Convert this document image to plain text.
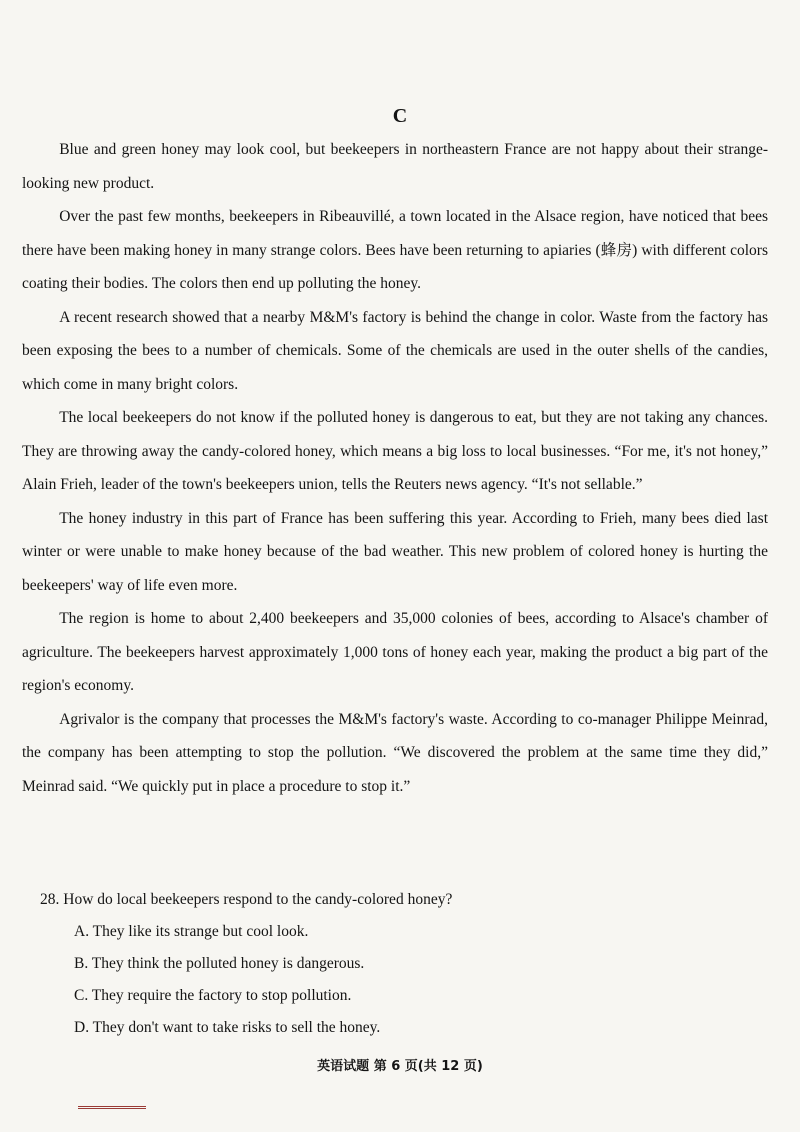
C

Blue and green honey may look cool, but beekeepers in northeastern France are not happy about their strange-looking new product.

Over the past few months, beekeepers in Ribeauvillé, a town located in the Alsace region, have noticed that bees there have been making honey in many strange colors. Bees have been returning to apiaries (蜂房) with different colors coating their bodies. The colors then end up polluting the honey.

A recent research showed that a nearby M&M's factory is behind the change in color. Waste from the factory has been exposing the bees to a number of chemicals. Some of the chemicals are used in the outer shells of the candies, which come in many bright colors.

The local beekeepers do not know if the polluted honey is dangerous to eat, but they are not taking any chances. They are throwing away the candy-colored honey, which means a big loss to local businesses. “For me, it's not honey,” Alain Frieh, leader of the town's beekeepers union, tells the Reuters news agency. “It's not sellable.”

The honey industry in this part of France has been suffering this year. According to Frieh, many bees died last winter or were unable to make honey because of the bad weather. This new problem of colored honey is hurting the beekeepers' way of life even more.

The region is home to about 2,400 beekeepers and 35,000 colonies of bees, according to Alsace's chamber of agriculture. The beekeepers harvest approximately 1,000 tons of honey each year, making the product a big part of the region's economy.

Agrivalor is the company that processes the M&M's factory's waste. According to co-manager Philippe Meinrad, the company has been attempting to stop the pollution. “We discovered the problem at the same time they did,” Meinrad said. “We quickly put in place a procedure to stop it.”

28. How do local beekeepers respond to the candy-colored honey?

A. They like its strange but cool look.
B. They think the polluted honey is dangerous.
C. They require the factory to stop pollution.
D. They don't want to take risks to sell the honey.
英语试题 第 6 页(共 12 页)
